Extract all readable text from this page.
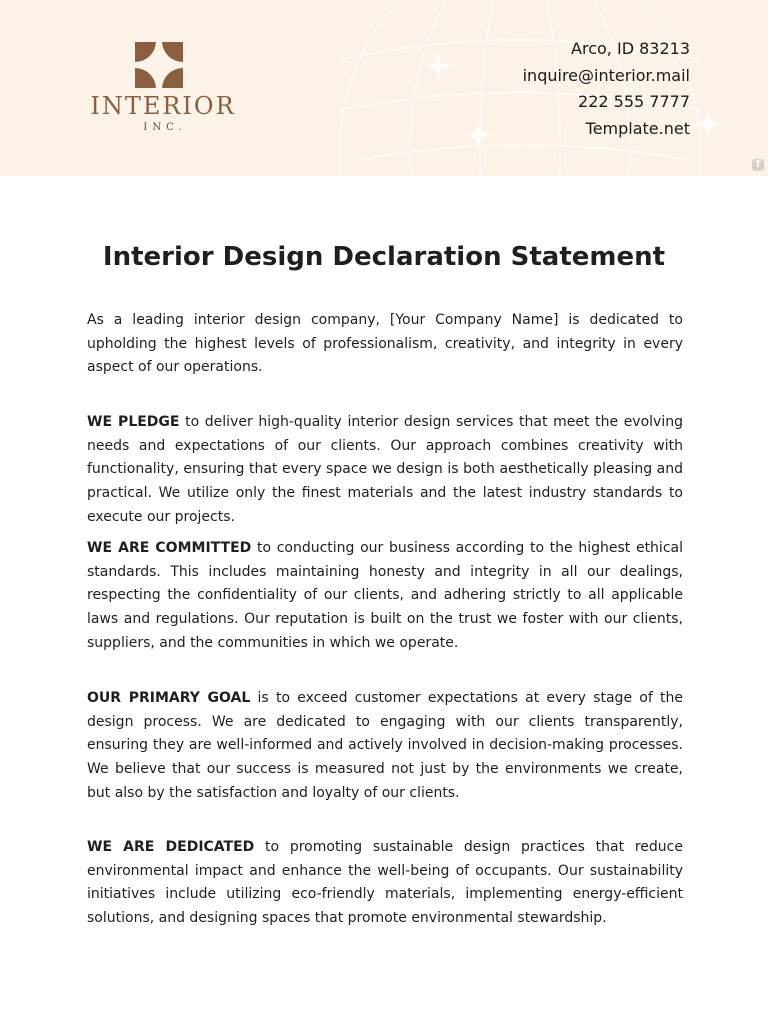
INTERIOR
INC.
Arco, ID 83213
inquire@interior.mail
222 555 7777
Template.net
T
Interior Design Declaration Statement

As a leading interior design company, [Your Company Name] is dedicated to upholding the highest levels of professionalism, creativity, and integrity in every aspect of our operations.

WE PLEDGE to deliver high-quality interior design services that meet the evolving needs and expectations of our clients. Our approach combines creativity with functionality, ensuring that every space we design is both aesthetically pleasing and practical. We utilize only the finest materials and the latest industry standards to execute our projects.

WE ARE COMMITTED to conducting our business according to the highest ethical standards. This includes maintaining honesty and integrity in all our dealings, respecting the confidentiality of our clients, and adhering strictly to all applicable laws and regulations. Our reputation is built on the trust we foster with our clients, suppliers, and the communities in which we operate.

OUR PRIMARY GOAL is to exceed customer expectations at every stage of the design process. We are dedicated to engaging with our clients transparently, ensuring they are well-informed and actively involved in decision-making processes. We believe that our success is measured not just by the environments we create, but also by the satisfaction and loyalty of our clients.

WE ARE DEDICATED to promoting sustainable design practices that reduce environmental impact and enhance the well-being of occupants. Our sustainability initiatives include utilizing eco-friendly materials, implementing energy-efficient solutions, and designing spaces that promote environmental stewardship.
